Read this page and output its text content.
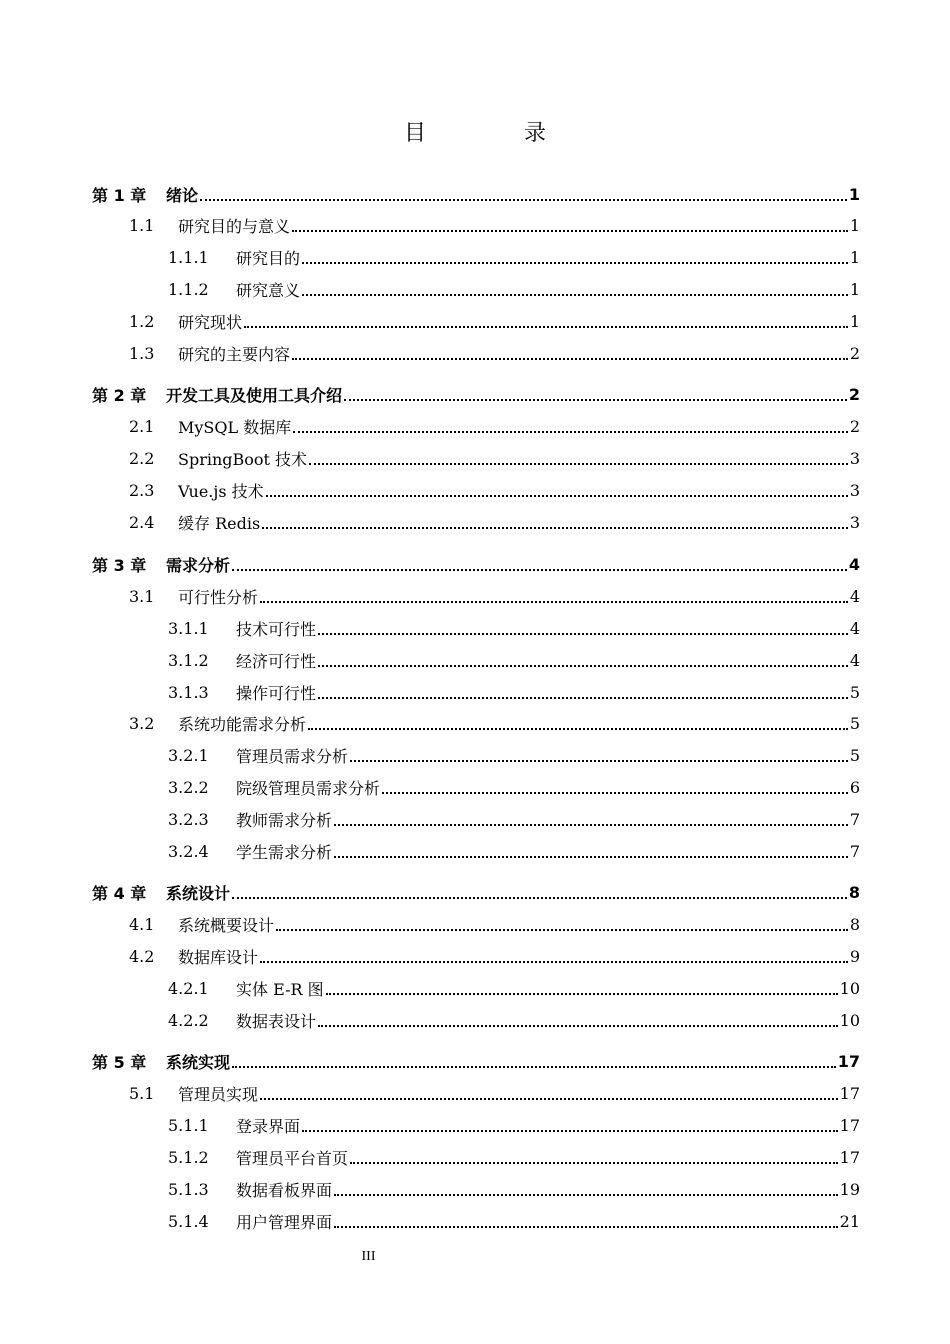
目　录
第 1 章	绪论	1
1.1	研究目的与意义	1
1.1.1	研究目的	1
1.1.2	研究意义	1
1.2	研究现状	1
1.3	研究的主要内容	2
第 2 章	开发工具及使用工具介绍	2
2.1	MySQL 数据库	2
2.2	SpringBoot 技术	3
2.3	Vue.js 技术	3
2.4	缓存 Redis	3
第 3 章	需求分析	4
3.1	可行性分析	4
3.1.1	技术可行性	4
3.1.2	经济可行性	4
3.1.3	操作可行性	5
3.2	系统功能需求分析	5
3.2.1	管理员需求分析	5
3.2.2	院级管理员需求分析	6
3.2.3	教师需求分析	7
3.2.4	学生需求分析	7
第 4 章	系统设计	8
4.1	系统概要设计	8
4.2	数据库设计	9
4.2.1	实体 E-R 图	10
4.2.2	数据表设计	10
第 5 章	系统实现	17
5.1	管理员实现	17
5.1.1	登录界面	17
5.1.2	管理员平台首页	17
5.1.3	数据看板界面	19
5.1.4	用户管理界面	21
III
